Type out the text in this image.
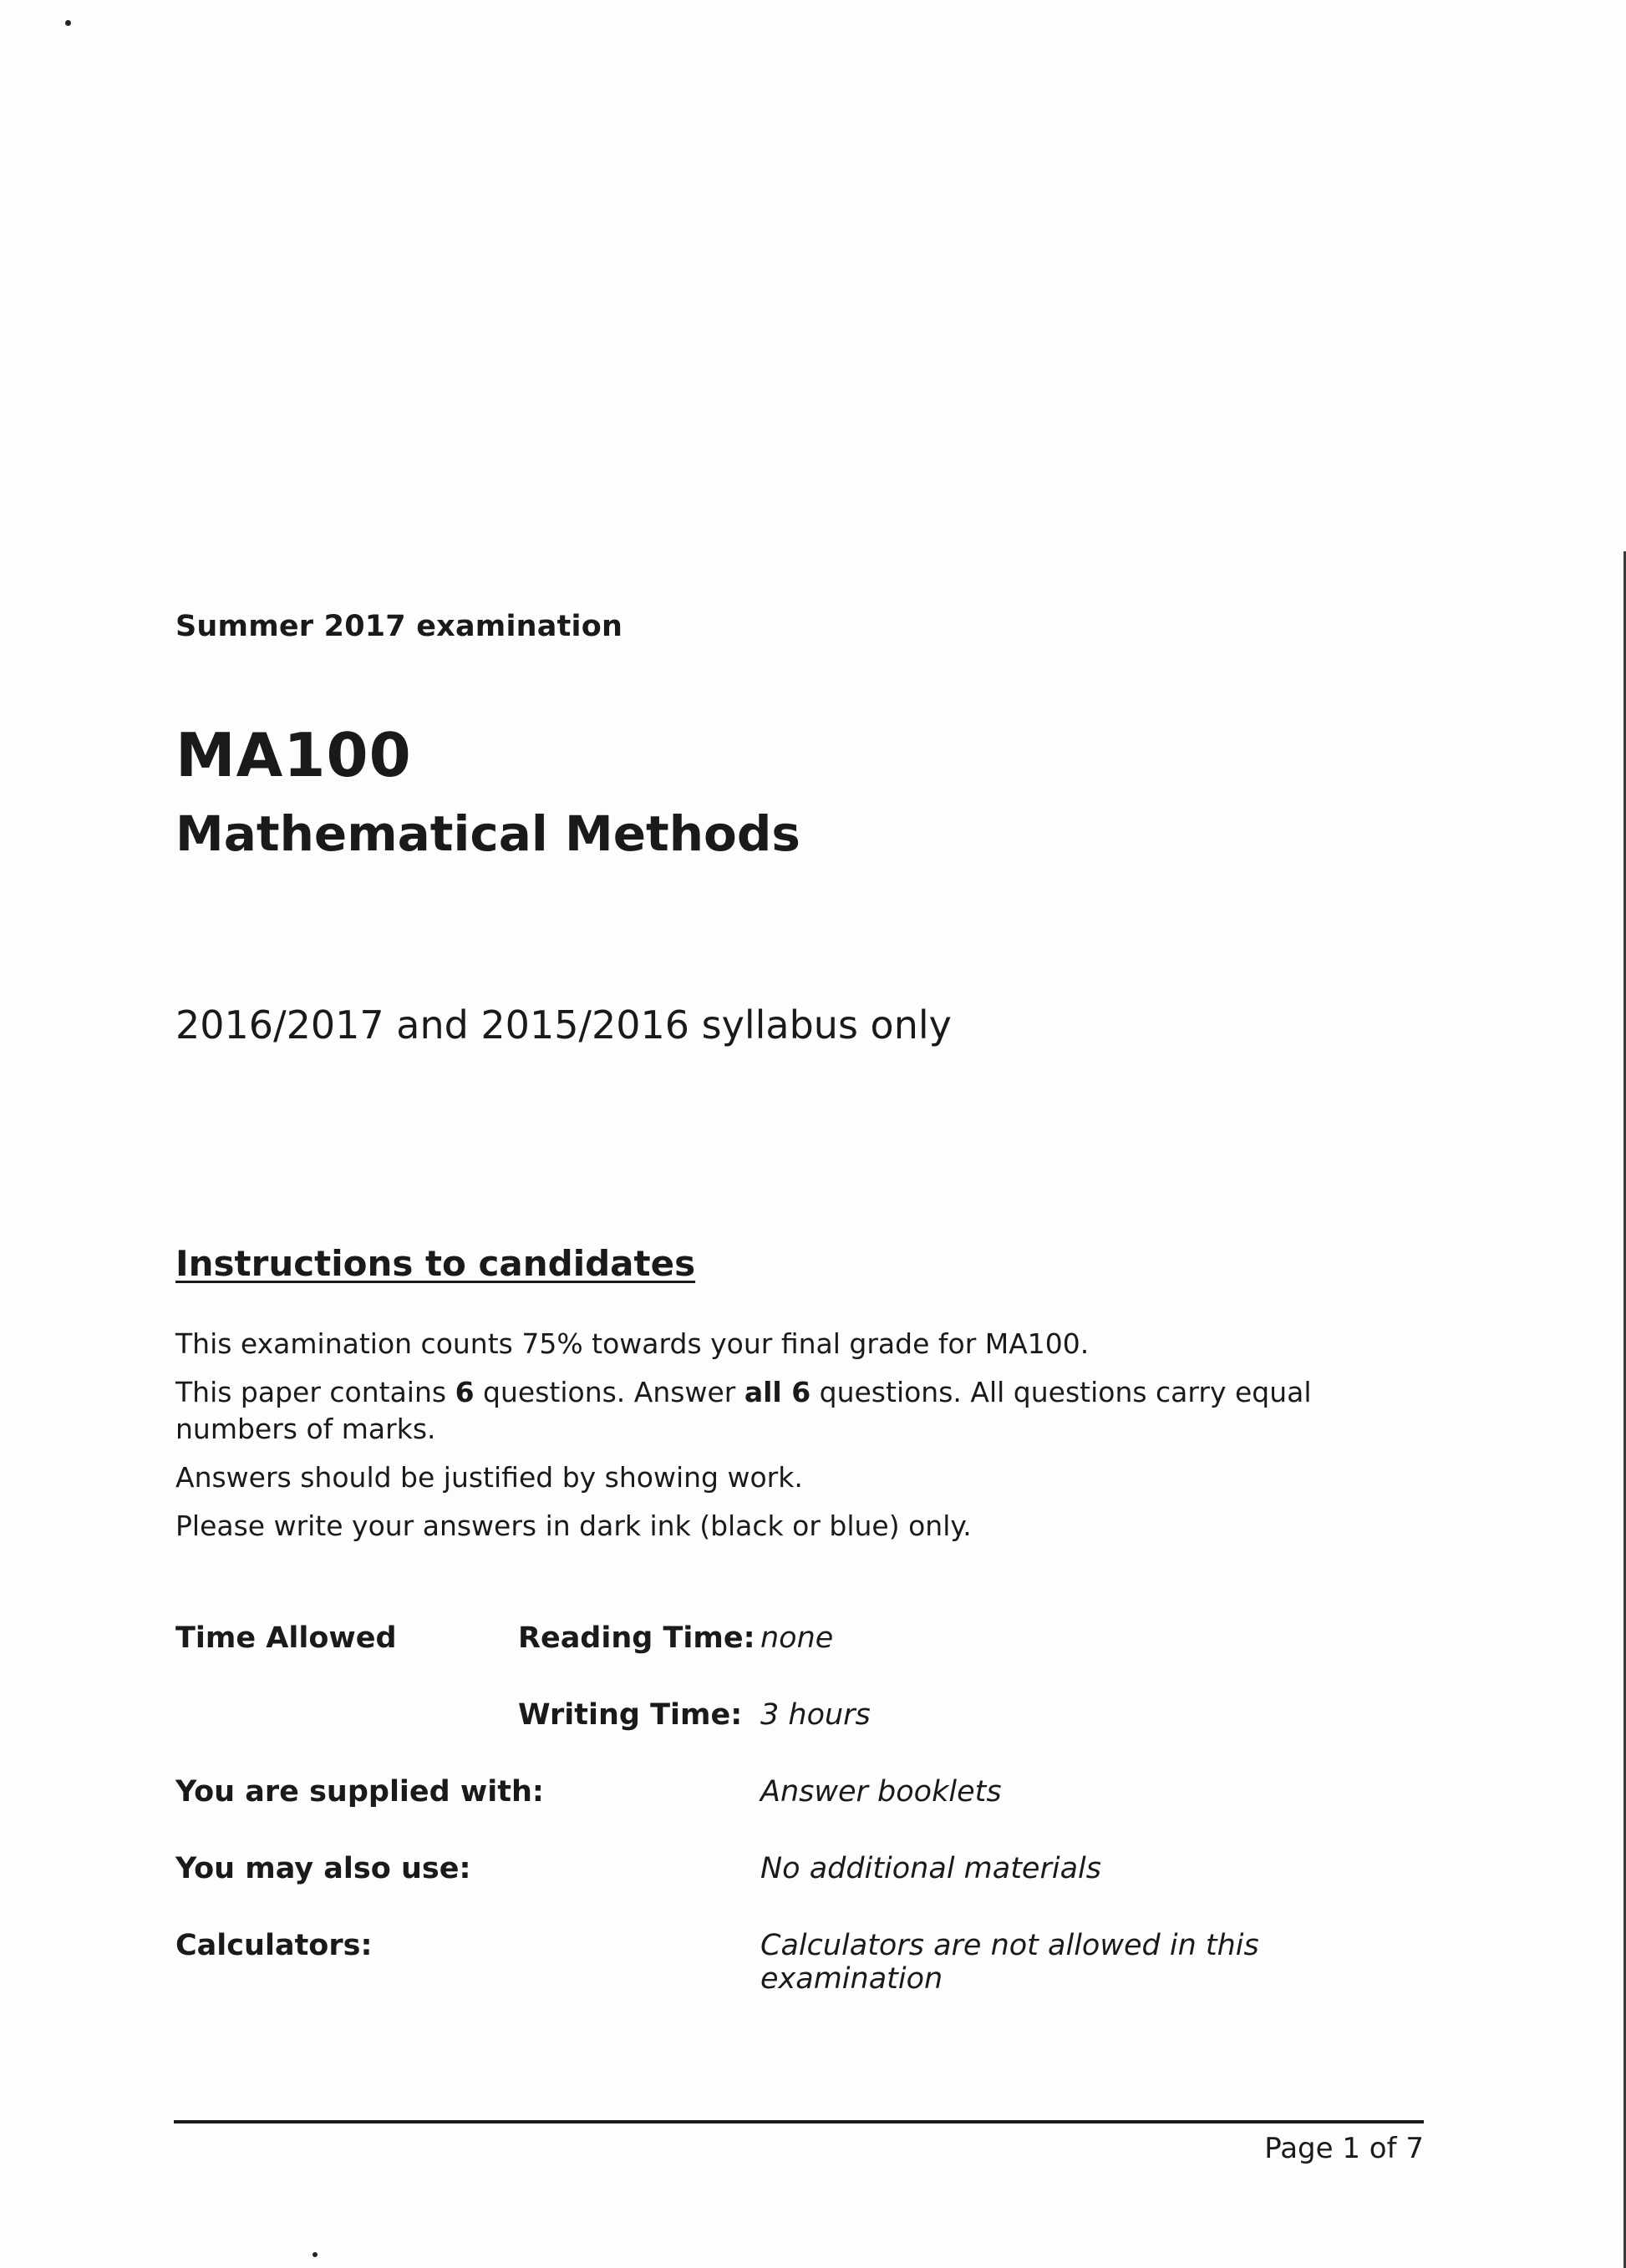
Summer 2017 examination
MA100
Mathematical Methods
2016/2017 and 2015/2016 syllabus only
Instructions to candidates

This examination counts 75% towards your final grade for MA100.

This paper contains 6 questions. Answer all 6 questions. All questions carry equal numbers of marks.

Answers should be justified by showing work.

Please write your answers in dark ink (black or blue) only.

Time Allowed	Reading Time:	none
	Writing Time:	3 hours
You are supplied with:		Answer booklets
You may also use:		No additional materials
Calculators:		Calculators are not allowed in this examination
Page 1 of 7
